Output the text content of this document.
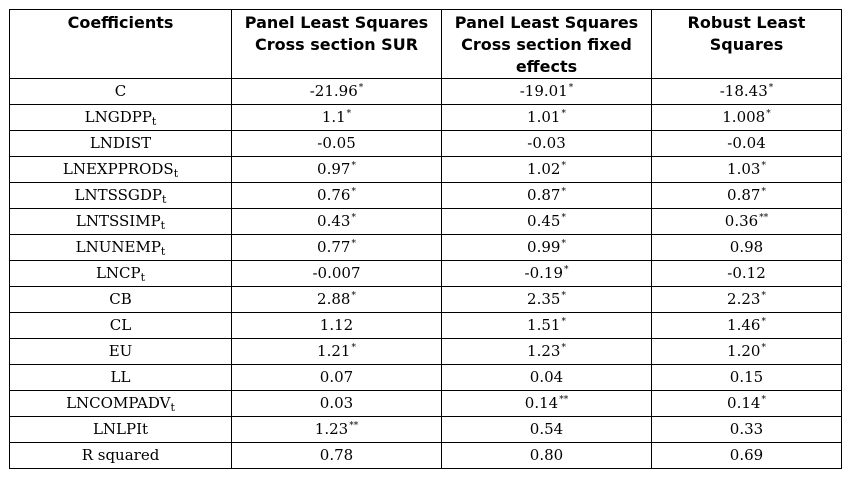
Coefficients	Panel Least Squares Cross section SUR	Panel Least Squares Cross section fixed effects	Robust Least Squares
C	-21.96*	-19.01*	-18.43*
$LNGDPP_t$	1.1*	1.01*	1.008*
LNDIST	-0.05	-0.03	-0.04
$LNEXPPRODS_t$	0.97*	1.02*	1.03*
$LNTSSGDP_t$	0.76*	0.87*	0.87*
$LNTSSIMP_t$	0.43*	0.45*	0.36**
$LNUNEMP_t$	0.77*	0.99*	0.98
$LNCP_t$	-0.007	-0.19*	-0.12
CB	2.88*	2.35*	2.23*
CL	1.12	1.51*	1.46*
EU	1.21*	1.23*	1.20*
LL	0.07	0.04	0.15
$LNCOMPADV_t$	0.03	0.14**	0.14*
LNLPIt	1.23**	0.54	0.33
R squared	0.78	0.80	0.69
